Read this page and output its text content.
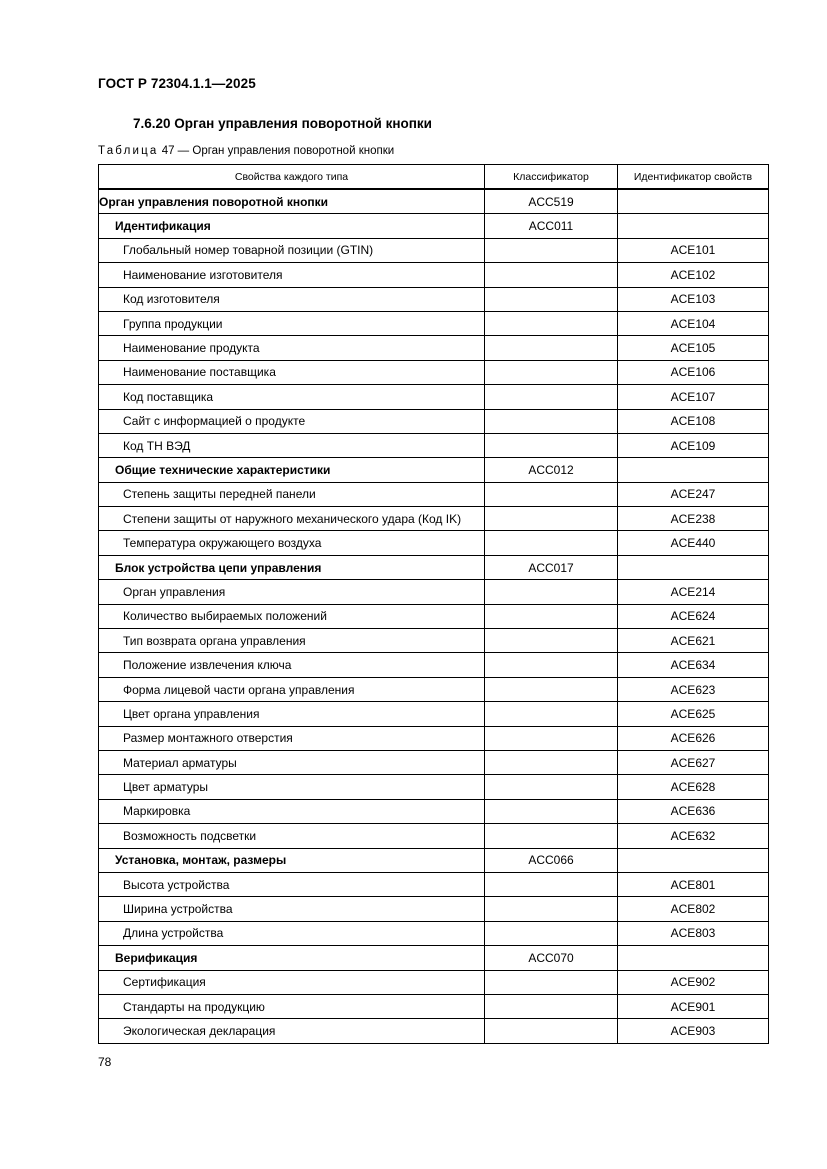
ГОСТ Р 72304.1.1—2025
7.6.20 Орган управления поворотной кнопки
Таблица 47 — Орган управления поворотной кнопки
Свойства каждого типа	Классификатор	Идентификатор свойств
Орган управления поворотной кнопки	ACC519	
Идентификация	ACC011	
Глобальный номер товарной позиции (GTIN)		ACE101
Наименование изготовителя		ACE102
Код изготовителя		ACE103
Группа продукции		ACE104
Наименование продукта		ACE105
Наименование поставщика		ACE106
Код поставщика		ACE107
Сайт с информацией о продукте		ACE108
Код ТН ВЭД		ACE109
Общие технические характеристики	ACC012	
Степень защиты передней панели		ACE247
Степени защиты от наружного механического удара (Код IK)		ACE238
Температура окружающего воздуха		ACE440
Блок устройства цепи управления	ACC017	
Орган управления		ACE214
Количество выбираемых положений		ACE624
Тип возврата органа управления		ACE621
Положение извлечения ключа		ACE634
Форма лицевой части органа управления		ACE623
Цвет органа управления		ACE625
Размер монтажного отверстия		ACE626
Материал арматуры		ACE627
Цвет арматуры		ACE628
Маркировка		ACE636
Возможность подсветки		ACE632
Установка, монтаж, размеры	ACC066	
Высота устройства		ACE801
Ширина устройства		ACE802
Длина устройства		ACE803
Верификация	ACC070	
Сертификация		ACE902
Стандарты на продукцию		ACE901
Экологическая декларация		ACE903
78
